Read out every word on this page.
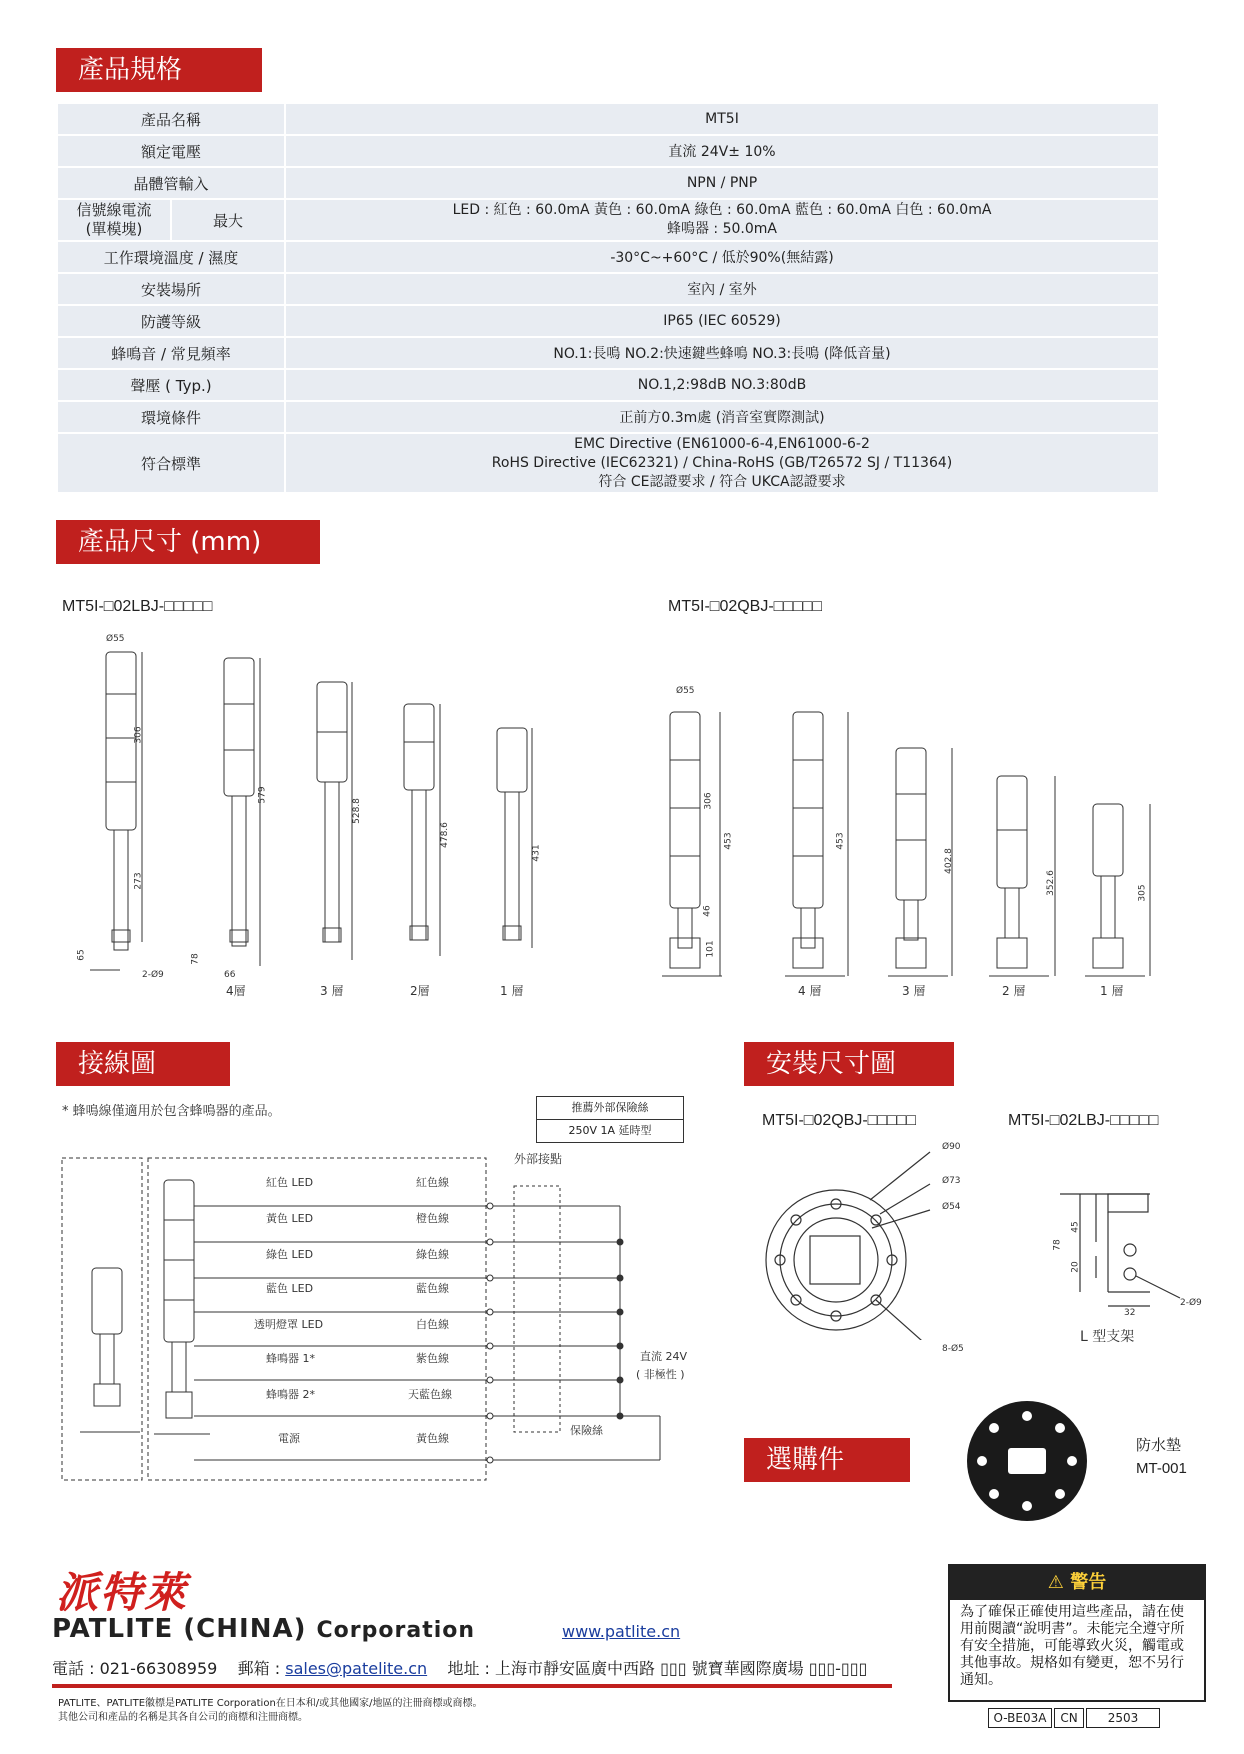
產品規格
產品名稱		MT5I
額定電壓		直流 24V± 10%
晶體管輸入		NPN / PNP
信號線電流
(單模塊)	最大	LED : 紅色 : 60.0mA 黃色 : 60.0mA 綠色 : 60.0mA 藍色 : 60.0mA 白色 : 60.0mA
蜂鳴器 : 50.0mA
工作環境溫度 / 濕度		-30°C~+60°C / 低於90%(無結露)
安裝場所		室內 / 室外
防護等級		IP65 (IEC 60529)
蜂鳴音 / 常見頻率		NO.1:長鳴 NO.2:快速鍵些蜂鳴 NO.3:長鳴 (降低音量)
聲壓 ( Typ.)		NO.1,2:98dB NO.3:80dB
環境條件		正前方0.3m處 (消音室實際測試)
符合標準		EMC Directive (EN61000-6-4,EN61000-6-2
RoHS Directive (IEC62321) / China-RoHS (GB/T26572 SJ / T11364)
符合 CE認證要求 / 符合 UKCA認證要求
產品尺寸 (mm)
MT5I-□02LBJ-□□□□□	MT5I-□02QBJ-□□□□□
Ø55
306
273
65
579
528.8
478.6
431
78
66
2-Ø9
4層	3 層	2層	1 層
Ø55
306
453
46
101
453
402.8
352.6	305
4 層	3 層	2 層	1 層
接線圖
* 蜂鳴線僅適用於包含蜂鳴器的產品。	推薦外部保險絲
250V 1A 延時型
外部接點
紅色 LED	紅色線
黃色 LED	橙色線
綠色 LED	綠色線
藍色 LED	藍色線
透明燈罩 LED	白色線
蜂鳴器 1*	紫色線
蜂鳴器 2*	天藍色線
電源	黃色線
直流 24V
( 非極性 )
保險絲
安裝尺寸圖
MT5I-□02QBJ-□□□□□	MT5I-□02LBJ-□□□□□
Ø90
Ø73
Ø54
8-Ø5
78
45
20
32
2-Ø9
L 型支架
選購件	防水墊
MT-001
派特萊
PATLITE (CHINA) Corporation	www.patlite.cn
電話 : 021-66308959 郵箱 : sales@patelite.cn 地址 : 上海市靜安區廣中西路 ▯▯▯ 號寶華國際廣場 ▯▯▯-▯▯▯
PATLITE、PATLITE徽標是PATLITE Corporation在日本和/或其他國家/地區的注冊商標或商標。
其他公司和產品的名稱是其各自公司的商標和注冊商標。
⚠ 警告
為了確保正確使用這些產品，請在使用前閱讀“說明書”。未能完全遵守所有安全措施，可能導致火災，觸電或其他事故。規格如有變更，恕不另行通知。
O-BE03A	CN	2503
